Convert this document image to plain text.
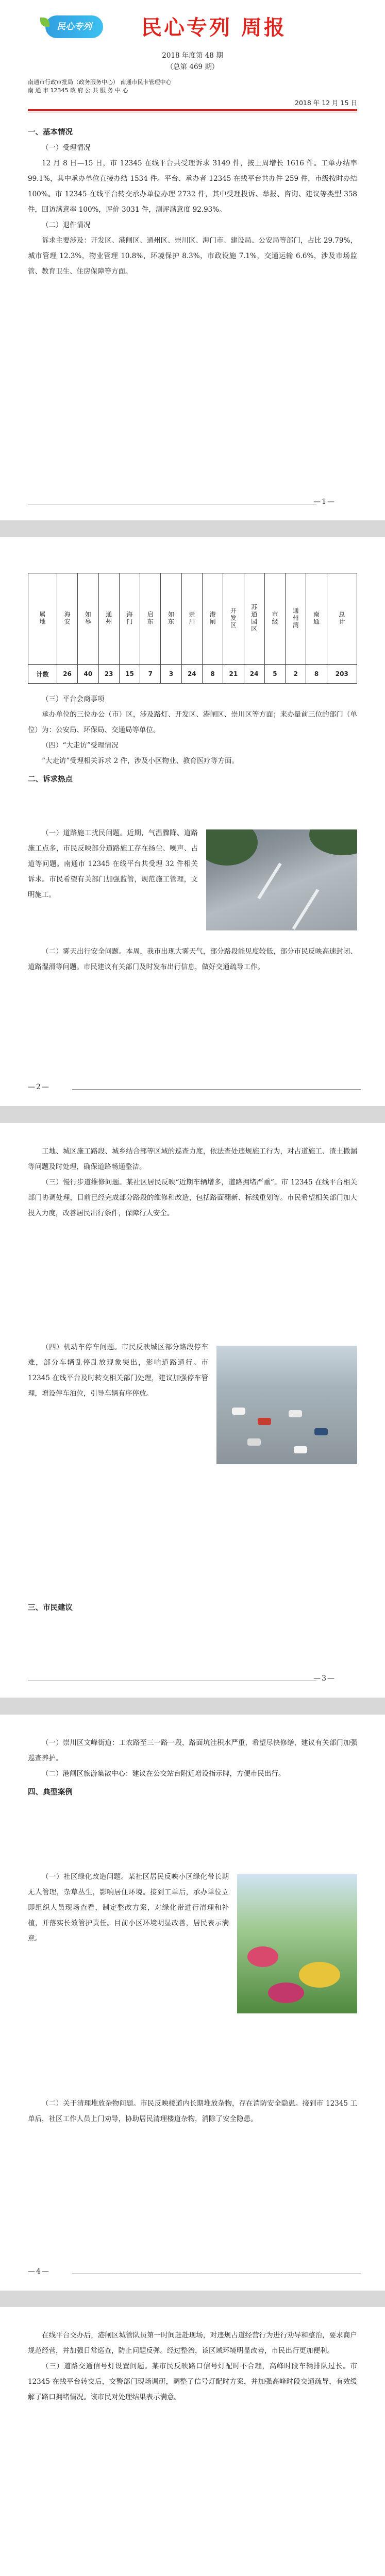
民心专列	民心专列 周报
2018 年度第 48 期
（总第 469 期）
南通市行政审批局（政务服务中心） 南通市民卡管理中心
南 通 市 12345 政 府 公 共 服 务 中 心
2018 年 12 月 15 日

一、基本情况

（一）受理情况

12 月 8 日—15 日，市 12345 在线平台共受理诉求 3149 件，按上周增长 1616 件。工单办结率 99.1%，其中承办单位直接办结 1534 件。平台、承办者 12345 在线平台共办件 259 件，市级按时办结 100%。市 12345 在线平台转交承办单位办理 2732 件，其中受理投诉、举报、咨询、建议等类型 358 件，回访满意率 100%，评价 3031 件，测评满意度 92.93%。

（二）退件情况

诉求主要涉及：开发区、港闸区、通州区、崇川区、海门市、建设局、公安局等部门，占比 29.79%，城市管理 12.3%，物业管理 10.8%，环境保护 8.3%，市政设施 7.1%，交通运输 6.6%，涉及市场监管、教育卫生、住房保障等方面。

—1—
属地	海安	如皋	通州	海门	启东	如东	崇川	港闸	开发区	苏通园区	市级	通州湾	南通	总计
计数	26	40	23	15	7	3	24	8	21	24	5	2	8	203

（三）平台会商事项

承办单位的三位办公（市）区，涉及路灯、开发区、港闸区、崇川区等方面；来办量前三位的部门（单位）为：公安局、环保局、交通局等单位。

（四）“大走访”受理情况

“大走访”受理相关诉求 2 件，涉及小区物业、教育医疗等方面。

二、诉求热点

（一）道路施工扰民问题。近期，气温骤降、道路施工点多，市民反映部分道路施工存在扬尘、噪声、占道等问题。南通市 12345 在线平台共受理 32 件相关诉求。市民希望有关部门加强监管，规范施工管理，文明施工。

（二）雾天出行安全问题。本周，我市出现大雾天气，部分路段能见度较低，部分市民反映高速封闭、道路湿滑等问题。市民建议有关部门及时发布出行信息，做好交通疏导工作。

—2—

工地、城区施工路段、城乡结合部等区域的巡查力度，依法查处违规施工行为，对占道施工、渣土撒漏等问题及时处理，确保道路畅通整洁。

（三）慢行步道维修问题。某社区居民反映“近期车辆增多，道路拥堵严重”。市 12345 在线平台相关部门协调处理，目前已经完成部分路段的维修和改造，包括路面翻新、标线重划等。市民希望相关部门加大投入力度，改善居民出行条件，保障行人安全。

（四）机动车停车问题。市民反映城区部分路段停车难，部分车辆乱停乱放现象突出，影响道路通行。市 12345 在线平台及时转交相关部门处理，建议加强停车管理，增设停车泊位，引导车辆有序停放。

三、市民建议

—3—

（一）崇川区文峰街道：工农路至三一路一段，路面坑洼积水严重，希望尽快修缮，建议有关部门加强巡查养护。

（二）港闸区旅游集散中心：建议在公交站台附近增设指示牌，方便市民出行。

四、典型案例

（一）社区绿化改造问题。某社区居民反映小区绿化带长期无人管理，杂草丛生，影响居住环境。接到工单后，承办单位立即组织人员现场查看，制定整改方案，对绿化带进行清理和补植，并落实长效管护责任。目前小区环境明显改善，居民表示满意。

（二）关于清理堆放杂物问题。市民反映楼道内长期堆放杂物，存在消防安全隐患。接到市 12345 工单后，社区工作人员上门劝导，协助居民清理楼道杂物，消除了安全隐患。

—4—

在线平台交办后，港闸区城管队员第一时间赶赴现场，对违规占道经营行为进行劝导和整治，要求商户规范经营，并加强日常巡查，防止问题反弹。经过整治，该区域环境明显改善，市民出行更加便利。

（三）道路交通信号灯设置问题。某市民反映路口信号灯配时不合理，高峰时段车辆排队过长。市 12345 在线平台转交后，交警部门现场调研，调整了信号灯配时方案，并加强高峰时段交通疏导，有效缓解了路口拥堵情况。该市民对处理结果表示满意。
